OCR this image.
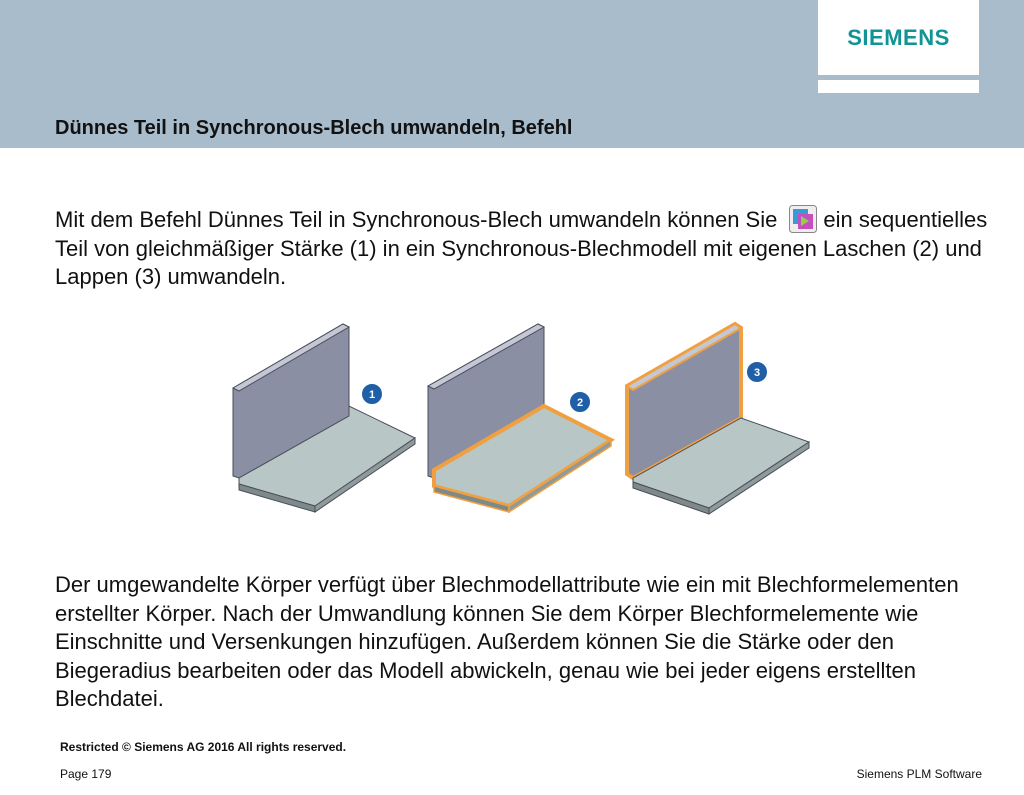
SIEMENS
Dünnes Teil in Synchronous-Blech umwandeln, Befehl

Mit dem Befehl Dünnes Teil in Synchronous-Blech umwandeln können Sie ein sequentielles Teil von gleichmäßiger Stärke (1) in ein Synchronous-Blechmodell mit eigenen Laschen (2) und Lappen (3) umwandeln.

1
2
3

Der umgewandelte Körper verfügt über Blechmodellattribute wie ein mit Blechformelementen erstellter Körper. Nach der Umwandlung können Sie dem Körper Blechformelemente wie Einschnitte und Versenkungen hinzufügen. Außerdem können Sie die Stärke oder den Biegeradius bearbeiten oder das Modell abwickeln, genau wie bei jeder eigens erstellten Blechdatei.

Restricted © Siemens AG 2016 All rights reserved.

Page 179	Siemens PLM Software
